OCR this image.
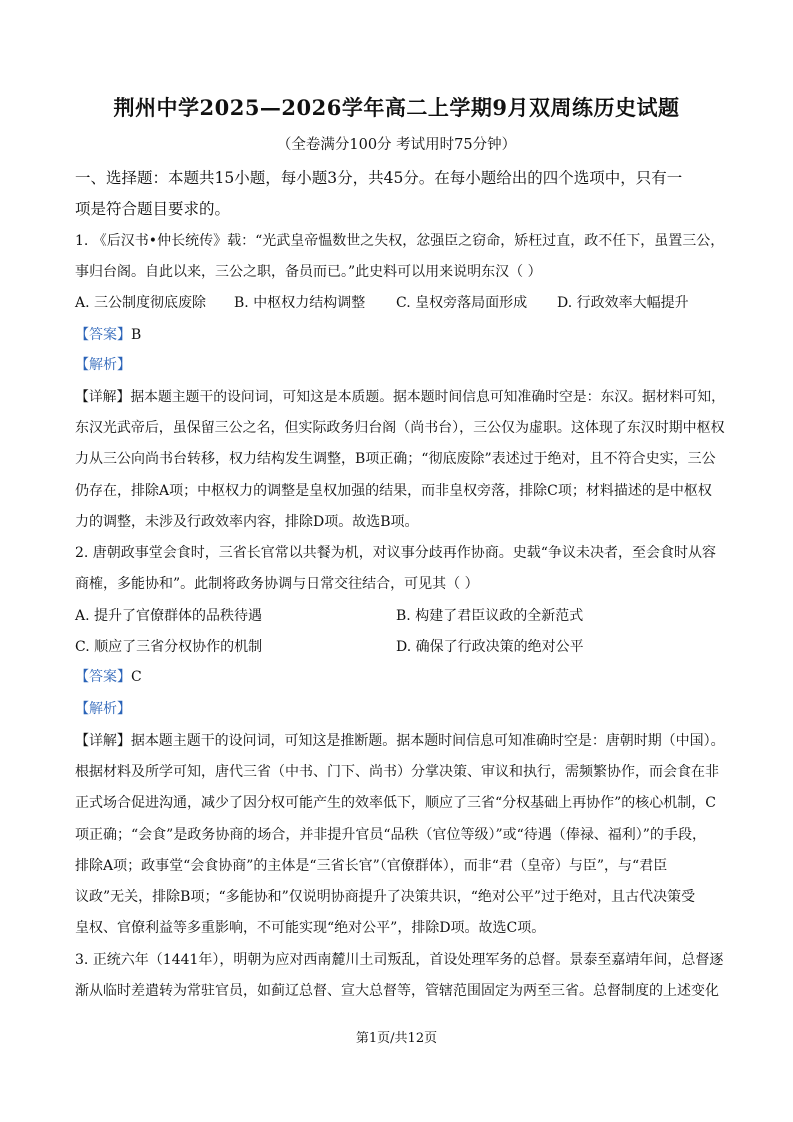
荆州中学2025—2026学年高二上学期9月双周练历史试题
（全卷满分100分 考试用时75分钟）
一、选择题：本题共15小题，每小题3分，共45分。在每小题给出的四个选项中，只有一
项是符合题目要求的。
1. 《后汉书•仲长统传》载：“光武皇帝愠数世之失权，忿强臣之窃命，矫枉过直，政不任下，虽置三公，
事归台阁。自此以来，三公之职，备员而已。”此史料可以用来说明东汉（ ）
A. 三公制度彻底废除 B. 中枢权力结构调整 C. 皇权旁落局面形成 D. 行政效率大幅提升
【答案】B
【解析】
【详解】据本题主题干的设问词，可知这是本质题。据本题时间信息可知准确时空是：东汉。据材料可知，
东汉光武帝后，虽保留三公之名，但实际政务归台阁（尚书台），三公仅为虚职。这体现了东汉时期中枢权
力从三公向尚书台转移，权力结构发生调整，B项正确；“彻底废除”表述过于绝对，且不符合史实，三公
仍存在，排除A项；中枢权力的调整是皇权加强的结果，而非皇权旁落，排除C项；材料描述的是中枢权
力的调整，未涉及行政效率内容，排除D项。故选B项。
2. 唐朝政事堂会食时，三省长官常以共餐为机，对议事分歧再作协商。史载“争议未决者，至会食时从容
商榷，多能协和”。此制将政务协调与日常交往结合，可见其（ ）
A. 提升了官僚群体的品秩待遇	B. 构建了君臣议政的全新范式
C. 顺应了三省分权协作的机制	D. 确保了行政决策的绝对公平
【答案】C
【解析】
【详解】据本题主题干的设问词，可知这是推断题。据本题时间信息可知准确时空是：唐朝时期（中国）。
根据材料及所学可知，唐代三省（中书、门下、尚书）分掌决策、审议和执行，需频繁协作，而会食在非
正式场合促进沟通，减少了因分权可能产生的效率低下，顺应了三省“分权基础上再协作”的核心机制，C
项正确；“会食”是政务协商的场合，并非提升官员“品秩（官位等级）”或“待遇（俸禄、福利）”的手段，
排除A项；政事堂“会食协商”的主体是“三省长官”（官僚群体），而非“君（皇帝）与臣”，与“君臣
议政”无关，排除B项；“多能协和”仅说明协商提升了决策共识，“绝对公平”过于绝对，且古代决策受
皇权、官僚利益等多重影响，不可能实现“绝对公平”，排除D项。故选C项。
3. 正统六年（1441年），明朝为应对西南麓川土司叛乱，首设处理军务的总督。景泰至嘉靖年间，总督逐
渐从临时差遣转为常驻官员，如蓟辽总督、宣大总督等，管辖范围固定为两至三省。总督制度的上述变化
第1页/共12页
